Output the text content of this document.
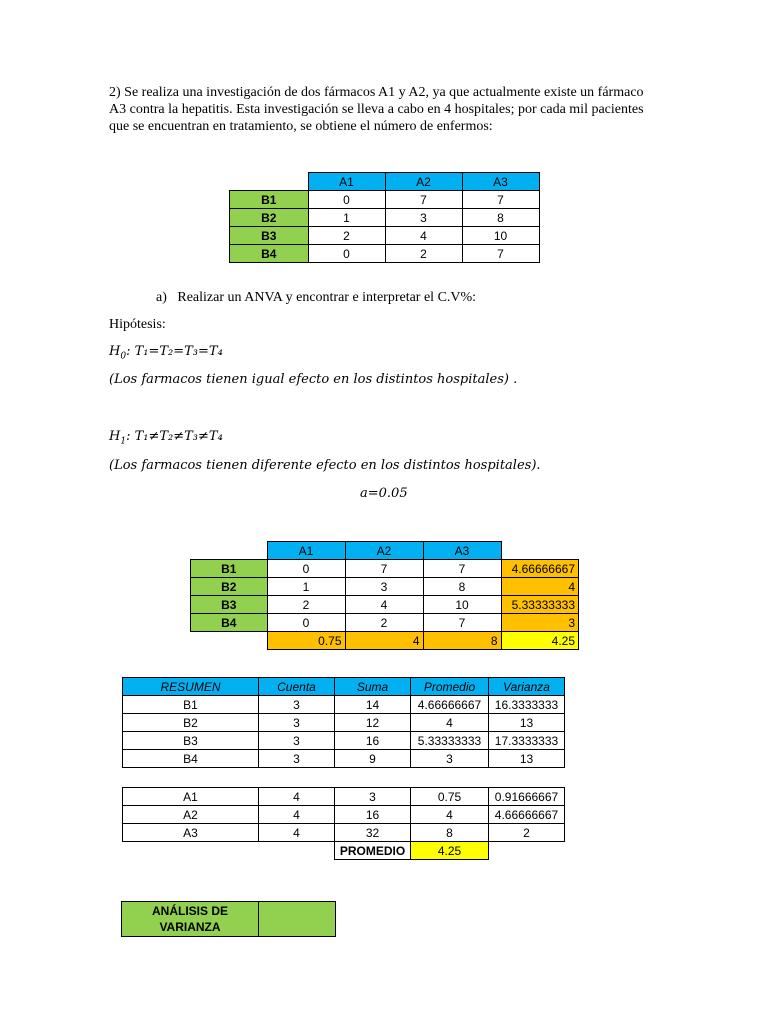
2) Se realiza una investigación de dos fármacos A1 y A2, ya que actualmente existe un fármaco
A3 contra la hepatitis. Esta investigación se lleva a cabo en 4 hospitales; por cada mil pacientes
que se encuentran en tratamiento, se obtiene el número de enfermos:
	A1	A2	A3
B1	0	7	7
B2	1	3	8
B3	2	4	10
B4	0	2	7
a)   Realizar un ANVA y encontrar e interpretar el C.V%:
Hipótesis:
$H_0$: T₁=T₂=T₃=T₄
(Los farmacos tienen igual efecto en los distintos hospitales) .
$H_1$: T₁≠T₂≠T₃≠T₄
(Los farmacos tienen diferente efecto en los distintos hospitales).
a=0.05
	A1	A2	A3	
B1	0	7	7	4.66666667
B2	1	3	8	4
B3	2	4	10	5.33333333
B4	0	2	7	3
	0.75	4	8	4.25
RESUMEN	Cuenta	Suma	Promedio	Varianza
B1	3	14	4.66666667	16.3333333
B2	3	12	4	13
B3	3	16	5.33333333	17.3333333
B4	3	9	3	13
A1	4	3	0.75	0.91666667
A2	4	16	4	4.66666667
A3	4	32	8	2
		PROMEDIO	4.25	
ANÁLISIS DE
VARIANZA
